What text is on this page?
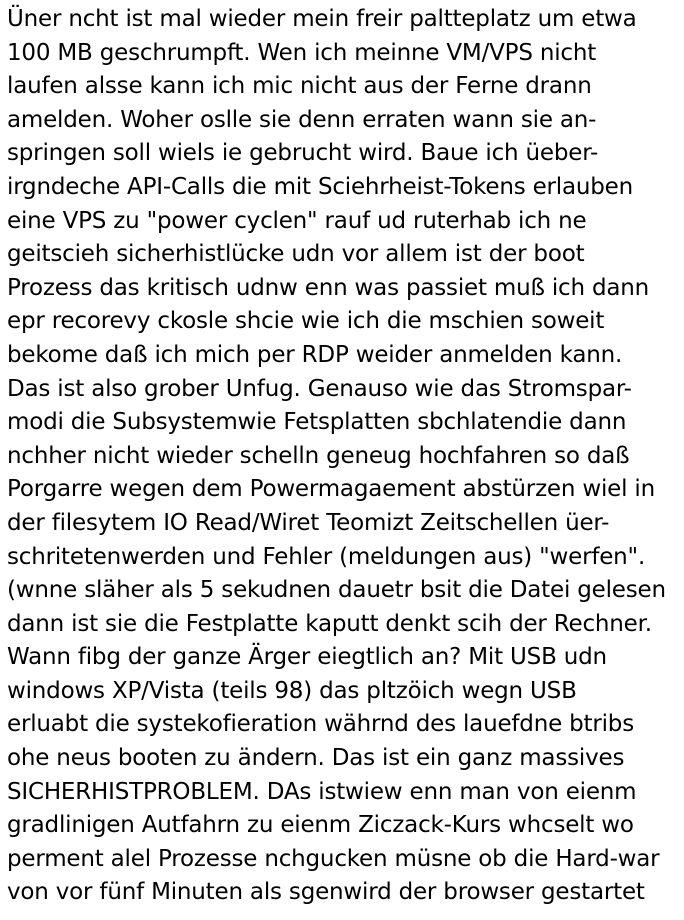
Üner ncht ist mal wieder mein freir paltteplatz um etwa
100 MB geschrumpft. Wen ich meinne VM/VPS nicht
laufen alsse kann ich mic nicht aus der Ferne drann
amelden. Woher oslle sie denn erraten wann sie an-
springen soll wiels ie gebrucht wird. Baue ich üeber-
irgndeche API-Calls die mit Sciehrheist-Tokens erlauben
eine VPS zu "power cyclen" rauf ud ruterhab ich ne
geitscieh sicherhistlücke udn vor allem ist der boot
Prozess das kritisch udnw enn was passiet muß ich dann
epr recorevy ckosle shcie wie ich die mschien soweit
bekome daß ich mich per RDP weider anmelden kann.
Das ist also grober Unfug. Genauso wie das Stromspar-
modi die Subsystemwie Fetsplatten sbchlatendie dann
nchher nicht wieder schelln geneug hochfahren so daß
Porgarre wegen dem Powermagaement abstürzen wiel in
der filesytem IO Read/Wiret Teomizt Zeitschellen üer-
schritetenwerden und Fehler (meldungen aus) "werfen".
(wnne släher als 5 sekudnen dauetr bsit die Datei gelesen
dann ist sie die Festplatte kaputt denkt scih der Rechner.
Wann fibg der ganze Ärger eiegtlich an? Mit USB udn
windows XP/Vista (teils 98) das pltzöich wegn USB
erluabt die systekofieration währnd des lauefdne btribs
ohe neus booten zu ändern. Das ist ein ganz massives
SICHERHISTPROBLEM. DAs istwiew enn man von eienm
gradlinigen Autfahrn zu eienm Ziczack-Kurs whcselt wo
perment alel Prozesse nchgucken müsne ob die Hard-war
von vor fünf Minuten als sgenwird der browser gestartet
